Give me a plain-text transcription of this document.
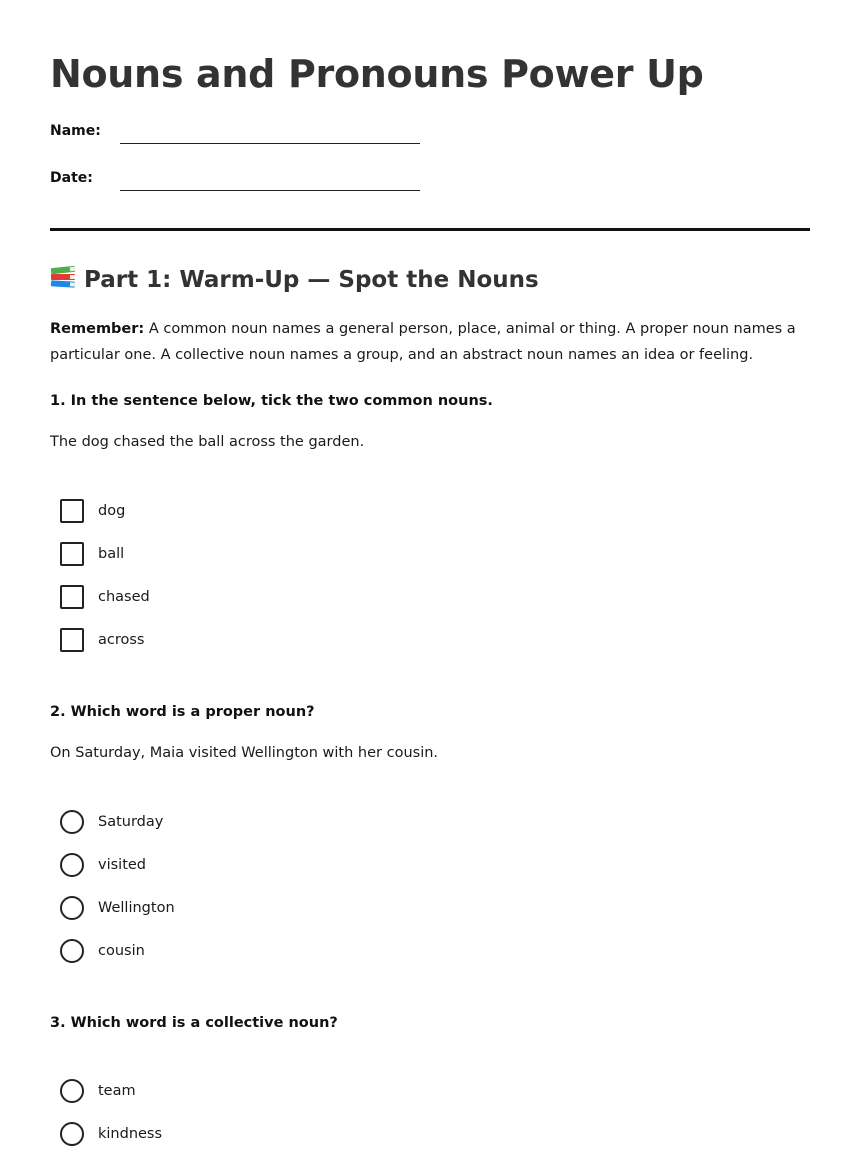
Nouns and Pronouns Power Up
Name:
Date:
Part 1: Warm-Up — Spot the Nouns

Remember: A common noun names a general person, place, animal or thing. A proper noun names a particular one. A collective noun names a group, and an abstract noun names an idea or feeling.

1. In the sentence below, tick the two common nouns.
The dog chased the ball across the garden.
dog
ball
chased
across
2. Which word is a proper noun?
On Saturday, Maia visited Wellington with her cousin.
Saturday
visited
Wellington
cousin
3. Which word is a collective noun?
team
kindness
